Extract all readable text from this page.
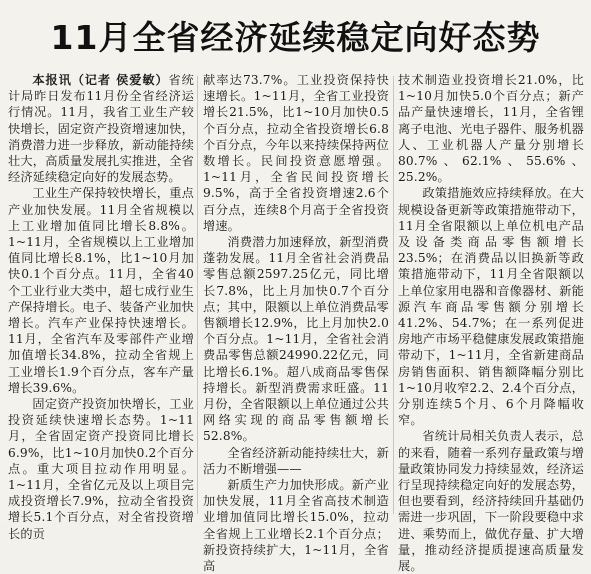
11月全省经济延续稳定向好态势

本报讯（记者 侯爱敏）省统计局昨日发布11月份全省经济运行情况。11月，我省工业生产较快增长，固定资产投资增速加快，消费潜力进一步释放，新动能持续壮大，高质量发展扎实推进，全省经济延续稳定向好的发展态势。

工业生产保持较快增长，重点产业加快发展。11月全省规模以上工业增加值同比增长8.8%。1~11月，全省规模以上工业增加值同比增长8.1%，比1~10月加快0.1个百分点。11月，全省40个工业行业大类中，超七成行业生产保持增长。电子、装备产业加快增长。汽车产业保持快速增长。11月，全省汽车及零部件产业增加值增长34.8%，拉动全省规上工业增长1.9个百分点，客车产量增长39.6%。

固定资产投资加快增长，工业投资延续快速增长态势。1~11月，全省固定资产投资同比增长6.9%，比1~10月加快0.2个百分点。重大项目拉动作用明显。1~11月，全省亿元及以上项目完成投资增长7.9%，拉动全省投资增长5.1个百分点，对全省投资增长的贡

献率达73.7%。工业投资保持快速增长。1~11月，全省工业投资增长21.5%，比1~10月加快0.5个百分点，拉动全省投资增长6.8个百分点，今年以来持续保持两位数增长。民间投资意愿增强。1~11月，全省民间投资增长9.5%，高于全省投资增速2.6个百分点，连续8个月高于全省投资增速。

消费潜力加速释放，新型消费蓬勃发展。11月全省社会消费品零售总额2597.25亿元，同比增长7.8%，比上月加快0.7个百分点；其中，限额以上单位消费品零售额增长12.9%，比上月加快2.0个百分点。1~11月，全省社会消费品零售总额24990.22亿元，同比增长6.1%。超八成商品零售保持增长。新型消费需求旺盛。11月份，全省限额以上单位通过公共网络实现的商品零售额增长52.8%。

全省经济新动能持续壮大，新活力不断增强——

新质生产力加快形成。新产业加快发展，11月全省高技术制造业增加值同比增长15.0%，拉动全省规上工业增长2.1个百分点；新投资持续扩大，1~11月，全省高

技术制造业投资增长21.0%，比1~10月加快5.0个百分点；新产品产量快速增长，11月，全省锂离子电池、光电子器件、服务机器人、工业机器人产量分别增长80.7%、62.1%、55.6%、25.2%。

政策措施效应持续释放。在大规模设备更新等政策措施带动下，11月全省限额以上单位机电产品及设备类商品零售额增长23.5%；在消费品以旧换新等政策措施带动下，11月全省限额以上单位家用电器和音像器材、新能源汽车商品零售额分别增长41.2%、54.7%；在一系列促进房地产市场平稳健康发展政策措施带动下，1~11月，全省新建商品房销售面积、销售额降幅分别比1~10月收窄2.2、2.4个百分点，分别连续5个月、6个月降幅收窄。

省统计局相关负责人表示，总的来看，随着一系列存量政策与增量政策协同发力持续显效，经济运行呈现持续稳定向好的发展态势，但也要看到，经济持续回升基础仍需进一步巩固，下一阶段要稳中求进、乘势而上，做优存量、扩大增量，推动经济提质提速高质量发展。
